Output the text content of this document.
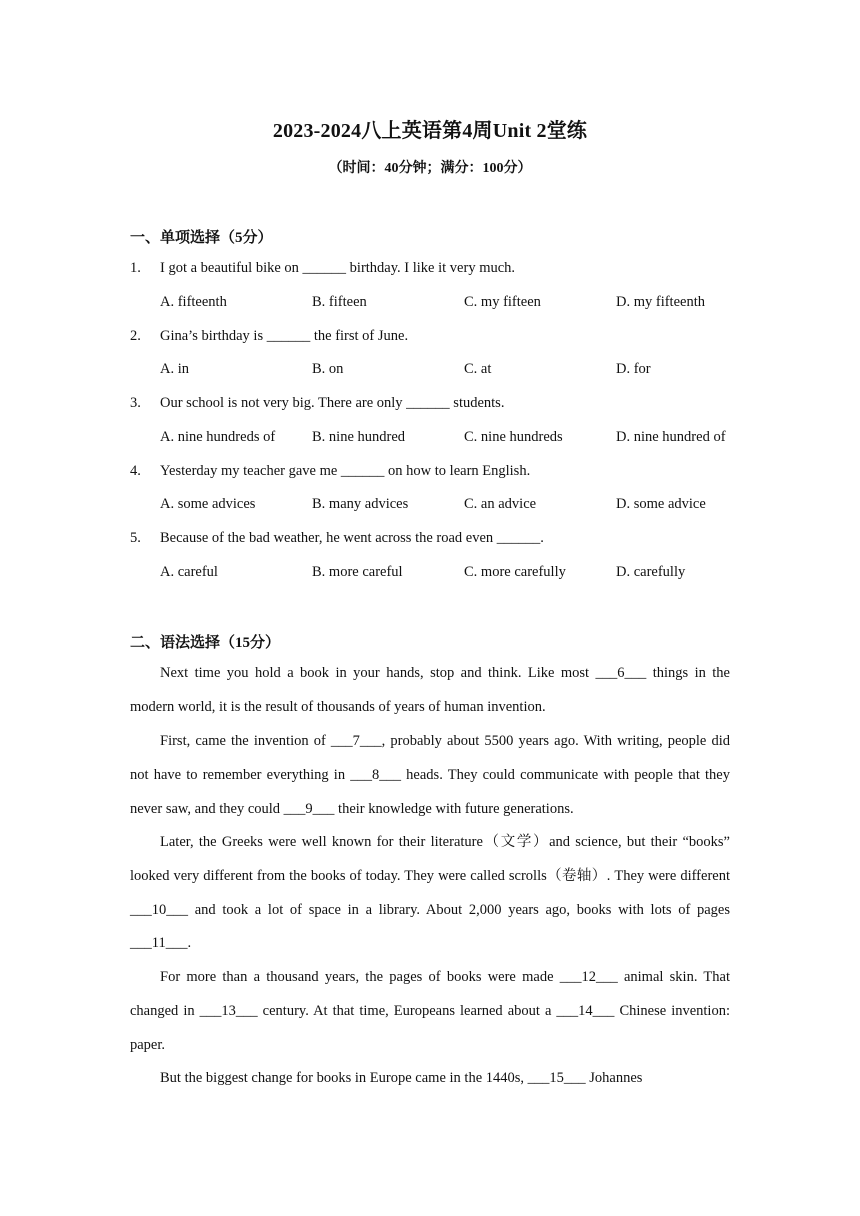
2023-2024八上英语第4周Unit 2堂练
（时间：40分钟；满分：100分）
一、单项选择（5分）
1. I got a beautiful bike on ______ birthday. I like it very much.
A. fifteenth	B. fifteen	C. my fifteen	D. my fifteenth
2. Gina’s birthday is ______ the first of June.
A. in	B. on	C. at	D. for
3. Our school is not very big. There are only ______ students.
A. nine hundreds of	B. nine hundred	C. nine hundreds	D. nine hundred of
4. Yesterday my teacher gave me ______ on how to learn English.
A. some advices	B. many advices	C. an advice	D. some advice
5. Because of the bad weather, he went across the road even ______.
A. careful	B. more careful	C. more carefully	D. carefully
二、语法选择（15分）

Next time you hold a book in your hands, stop and think. Like most ___6___ things in the modern world, it is the result of thousands of years of human invention.

First, came the invention of ___7___, probably about 5500 years ago. With writing, people did not have to remember everything in ___8___ heads. They could communicate with people that they never saw, and they could ___9___ their knowledge with future generations.

Later, the Greeks were well known for their literature（文学）and science, but their “books” looked very different from the books of today. They were called scrolls（卷轴）. They were different ___10___ and took a lot of space in a library. About 2,000 years ago, books with lots of pages ___11___.

For more than a thousand years, the pages of books were made ___12___ animal skin. That changed in ___13___ century. At that time, Europeans learned about a ___14___ Chinese invention: paper.

But the biggest change for books in Europe came in the 1440s, ___15___ Johannes
